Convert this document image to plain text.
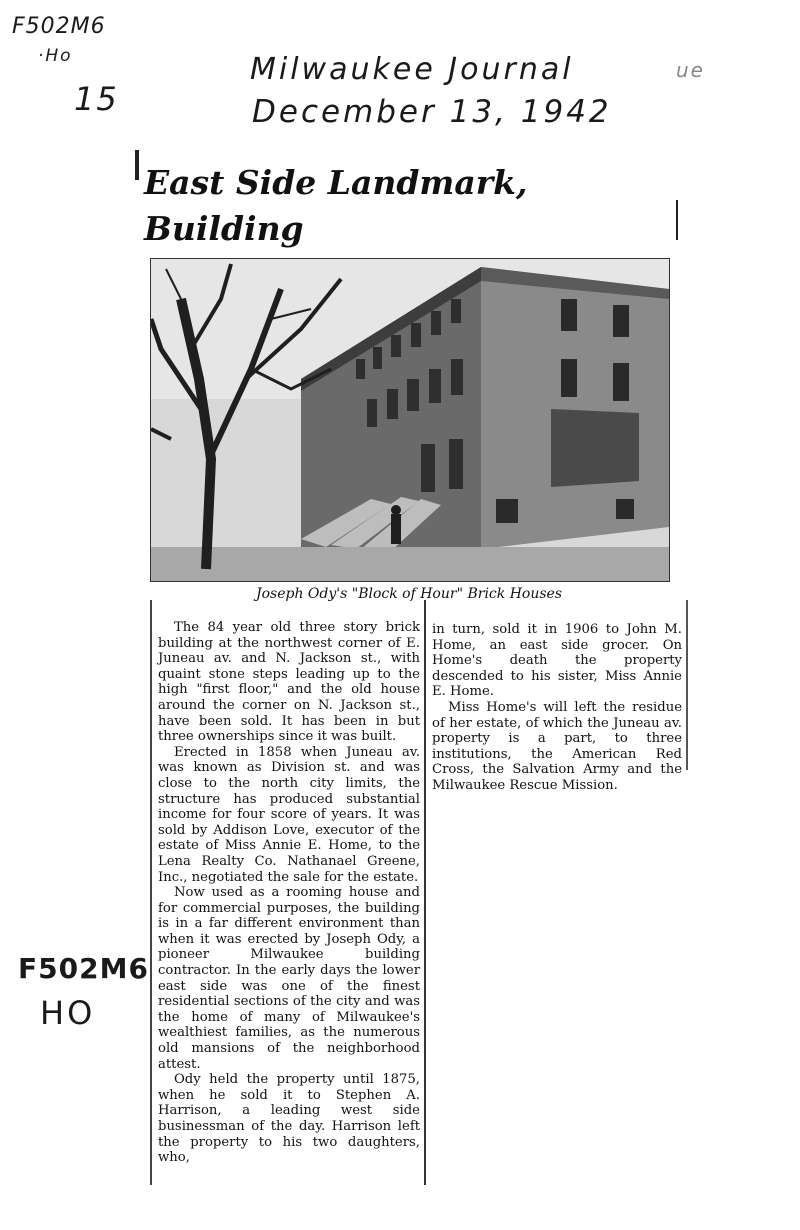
F502M6
·Ho
15
Milwaukee Journal
December 13, 1942
ue
F502M6
HO
East Side Landmark, Building
Joseph Ody's "Block of Hour" Brick Houses

The 84 year old three story brick building at the northwest corner of E. Juneau av. and N. Jackson st., with quaint stone steps leading up to the high "first floor," and the old house around the corner on N. Jackson st., have been sold. It has been in but three ownerships since it was built.

Erected in 1858 when Juneau av. was known as Division st. and was close to the north city limits, the structure has produced substantial income for four score of years. It was sold by Addison Love, executor of the estate of Miss Annie E. Home, to the Lena Realty Co. Nathanael Greene, Inc., negotiated the sale for the estate.

Now used as a rooming house and for commercial purposes, the building is in a far different environment than when it was erected by Joseph Ody, a pioneer Milwaukee building contractor. In the early days the lower east side was one of the finest residential sections of the city and was the home of many of Milwaukee's wealthiest families, as the numerous old mansions of the neighborhood attest.

Ody held the property until 1875, when he sold it to Stephen A. Harrison, a leading west side businessman of the day. Harrison left the property to his two daughters, who,

in turn, sold it in 1906 to John M. Home, an east side grocer. On Home's death the property descended to his sister, Miss Annie E. Home.

Miss Home's will left the residue of her estate, of which the Juneau av. property is a part, to three institutions, the American Red Cross, the Salvation Army and the Milwaukee Rescue Mission.
